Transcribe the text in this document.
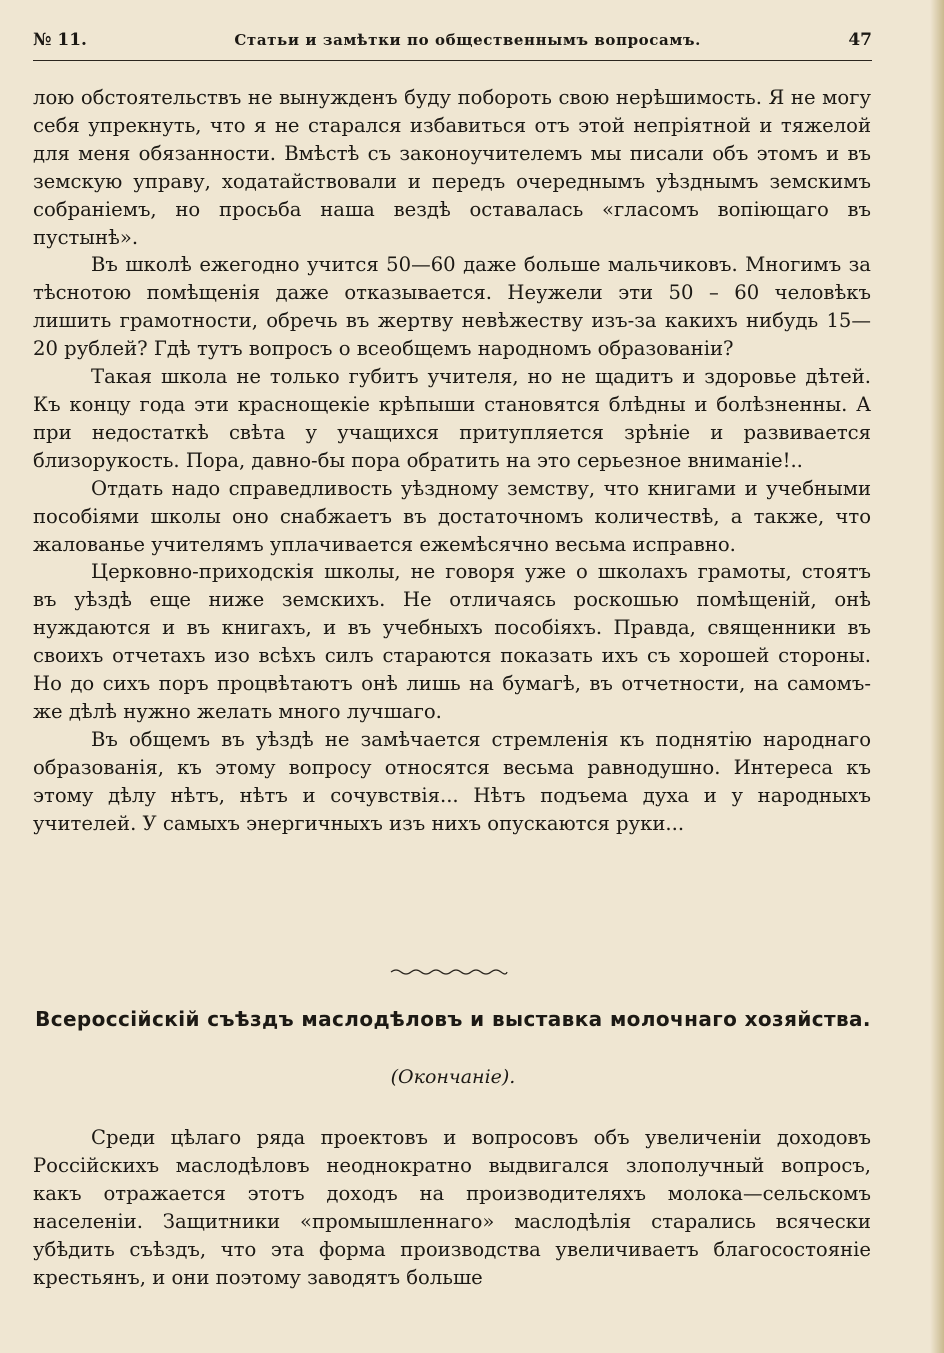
№ 11.	Статьи и замѣтки по общественнымъ вопросамъ.	47

лою обстоятельствъ не вынужденъ буду побороть свою нерѣшимость. Я не могу себя упрекнуть, что я не старался избавиться отъ этой непріятной и тяжелой для меня обязанности. Вмѣстѣ съ законоучителемъ мы писали объ этомъ и въ земскую управу, ходатайствовали и передъ очереднымъ уѣзднымъ земскимъ собраніемъ, но просьба наша вездѣ оставалась «гласомъ вопіющаго въ пустынѣ».

Въ школѣ ежегодно учится 50—60 даже больше мальчиковъ. Многимъ за тѣснотою помѣщенія даже отказывается. Неужели эти 50 – 60 человѣкъ лишить грамотности, обречь въ жертву невѣжеству изъ-за какихъ нибудь 15—20 рублей? Гдѣ тутъ вопросъ о всеобщемъ народномъ образованіи?

Такая школа не только губитъ учителя, но не щадитъ и здоровье дѣтей. Къ концу года эти краснощекіе крѣпыши становятся блѣдны и болѣзненны. А при недостаткѣ свѣта у учащихся притупляется зрѣніе и развивается близорукость. Пора, давно-бы пора обратить на это серьезное вниманіе!..

Отдать надо справедливость уѣздному земству, что книгами и учебными пособіями школы оно снабжаетъ въ достаточномъ количествѣ, а также, что жалованье учителямъ уплачивается ежемѣсячно весьма исправно.

Церковно-приходскія школы, не говоря уже о школахъ грамоты, стоятъ въ уѣздѣ еще ниже земскихъ. Не отличаясь роскошью помѣщеній, онѣ нуждаются и въ книгахъ, и въ учебныхъ пособіяхъ. Правда, священники въ своихъ отчетахъ изо всѣхъ силъ стараются показать ихъ съ хорошей стороны. Но до сихъ поръ процвѣтаютъ онѣ лишь на бумагѣ, въ отчетности, на самомъ-же дѣлѣ нужно желать много лучшаго.

Въ общемъ въ уѣздѣ не замѣчается стремленія къ поднятію народнаго образованія, къ этому вопросу относятся весьма равнодушно. Интереса къ этому дѣлу нѣтъ, нѣтъ и сочувствія... Нѣтъ подъема духа и у народныхъ учителей. У самыхъ энергичныхъ изъ нихъ опускаются руки...

Всероссійскій съѣздъ маслодѣловъ и выставка молочнаго хозяйства.
(Окончаніе).

Среди цѣлаго ряда проектовъ и вопросовъ объ увеличеніи доходовъ Россійскихъ маслодѣловъ неоднократно выдвигался злополучный вопросъ, какъ отражается этотъ доходъ на производителяхъ молока—сельскомъ населеніи. Защитники «промышленнаго» маслодѣлія старались всячески убѣдить съѣздъ, что эта форма производства увеличиваетъ благосостояніе крестьянъ, и они поэтому заводятъ больше
